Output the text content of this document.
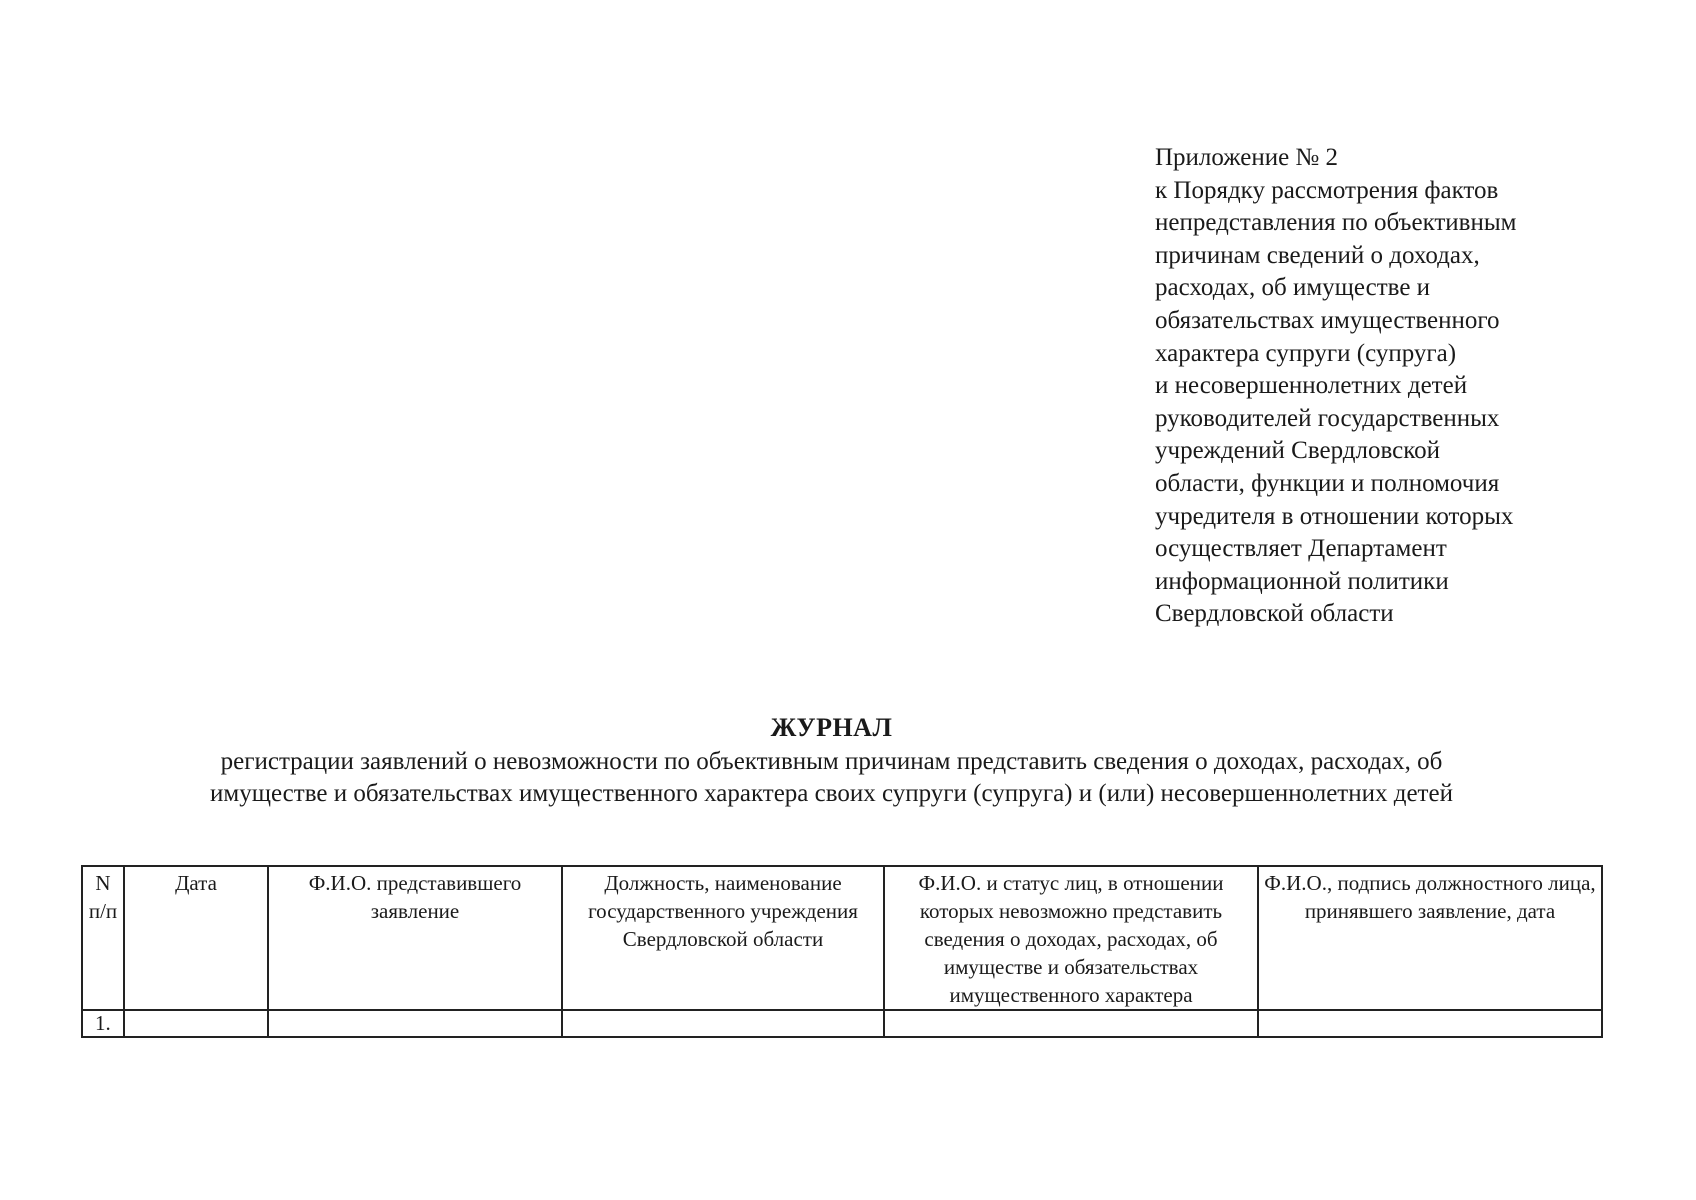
Приложение № 2
к Порядку рассмотрения фактов
непредставления по объективным
причинам сведений о доходах,
расходах, об имуществе и
обязательствах имущественного
характера супруги (супруга)
и несовершеннолетних детей
руководителей государственных
учреждений Свердловской
области, функции и полномочия
учредителя в отношении которых
осуществляет Департамент
информационной политики
Свердловской области
ЖУРНАЛ
регистрации заявлений о невозможности по объективным причинам представить сведения о доходах, расходах, об
имуществе и обязательствах имущественного характера своих супруги (супруга) и (или) несовершеннолетних детей
N п/п	Дата	Ф.И.О. представившего заявление	Должность, наименование государственного учреждения Свердловской области	Ф.И.О. и статус лиц, в отношении которых невозможно представить сведения о доходах, расходах, об имуществе и обязательствах имущественного характера	Ф.И.О., подпись должностного лица, принявшего заявление, дата
1.					
